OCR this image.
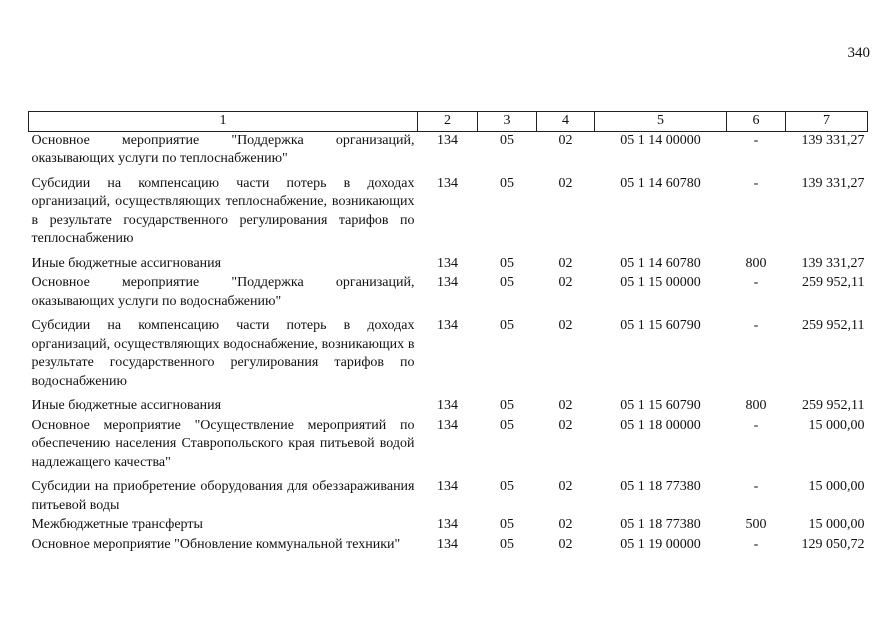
340
1	2	3	4	5	6	7
Основное мероприятие "Поддержка организаций, оказывающих услуги по теплоснабжению"	134	05	02	05 1 14 00000	-	139 331,27
Субсидии на компенсацию части потерь в доходах организаций, осуществляющих теплоснабжение, возникающих в результате государственного регулирования тарифов по теплоснабжению	134	05	02	05 1 14 60780	-	139 331,27
Иные бюджетные ассигнования	134	05	02	05 1 14 60780	800	139 331,27
Основное мероприятие "Поддержка организаций, оказывающих услуги по водоснабжению"	134	05	02	05 1 15 00000	-	259 952,11
Субсидии на компенсацию части потерь в доходах организаций, осуществляющих водоснабжение, возникающих в результате государственного регулирования тарифов по водоснабжению	134	05	02	05 1 15 60790	-	259 952,11
Иные бюджетные ассигнования	134	05	02	05 1 15 60790	800	259 952,11
Основное мероприятие "Осуществление мероприятий по обеспечению населения Ставропольского края питьевой водой надлежащего качества"	134	05	02	05 1 18 00000	-	15 000,00
Субсидии на приобретение оборудования для обеззараживания питьевой воды	134	05	02	05 1 18 77380	-	15 000,00
Межбюджетные трансферты	134	05	02	05 1 18 77380	500	15 000,00
Основное мероприятие "Обновление коммунальной техники"	134	05	02	05 1 19 00000	-	129 050,72
